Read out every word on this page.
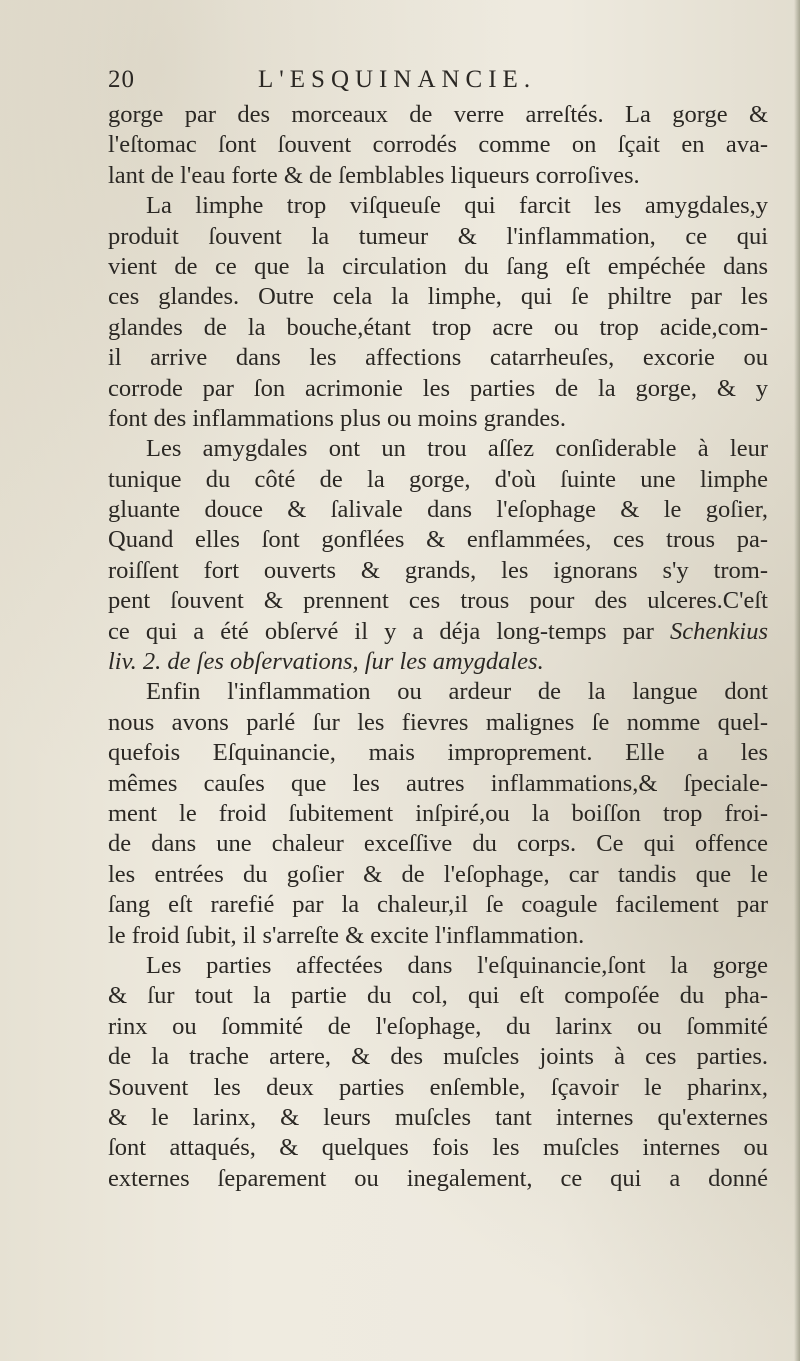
20	L'ESQUINANCIE.
gorge par des morceaux de verre arreſtés. La gorge &
l'eſtomac ſont ſouvent corrodés comme on ſçait en ava-
lant de l'eau forte & de ſemblables liqueurs corroſives.
La limphe trop viſqueuſe qui farcit les amygdales,y
produit ſouvent la tumeur & l'inflammation, ce qui
vient de ce que la circulation du ſang eſt empéchée dans
ces glandes. Outre cela la limphe, qui ſe philtre par les
glandes de la bouche,étant trop acre ou trop acide,com-
il arrive dans les affections catarrheuſes, excorie ou
corrode par ſon acrimonie les parties de la gorge, & y
font des inflammations plus ou moins grandes.
Les amygdales ont un trou aſſez conſiderable à leur
tunique du côté de la gorge, d'où ſuinte une limphe
gluante douce & ſalivale dans l'eſophage & le goſier,
Quand elles ſont gonflées & enflammées, ces trous pa-
roiſſent fort ouverts & grands, les ignorans s'y trom-
pent ſouvent & prennent ces trous pour des ulceres.C'eſt
ce qui a été obſervé il y a déja long-temps par Schenkius
liv. 2. de ſes obſervations, ſur les amygdales.
Enfin l'inflammation ou ardeur de la langue dont
nous avons parlé ſur les fievres malignes ſe nomme quel-
quefois Eſquinancie, mais improprement. Elle a les
mêmes cauſes que les autres inflammations,& ſpeciale-
ment le froid ſubitement inſpiré,ou la boiſſon trop froi-
de dans une chaleur exceſſive du corps. Ce qui offence
les entrées du goſier & de l'eſophage, car tandis que le
ſang eſt rarefié par la chaleur,il ſe coagule facilement par
le froid ſubit, il s'arreſte & excite l'inflammation.
Les parties affectées dans l'eſquinancie,ſont la gorge
& ſur tout la partie du col, qui eſt compoſée du pha-
rinx ou ſommité de l'eſophage, du larinx ou ſommité
de la trache artere, & des muſcles joints à ces parties.
Souvent les deux parties enſemble, ſçavoir le pharinx,
& le larinx, & leurs muſcles tant internes qu'externes
ſont attaqués, & quelques fois les muſcles internes ou
externes ſeparement ou inegalement, ce qui a donné
